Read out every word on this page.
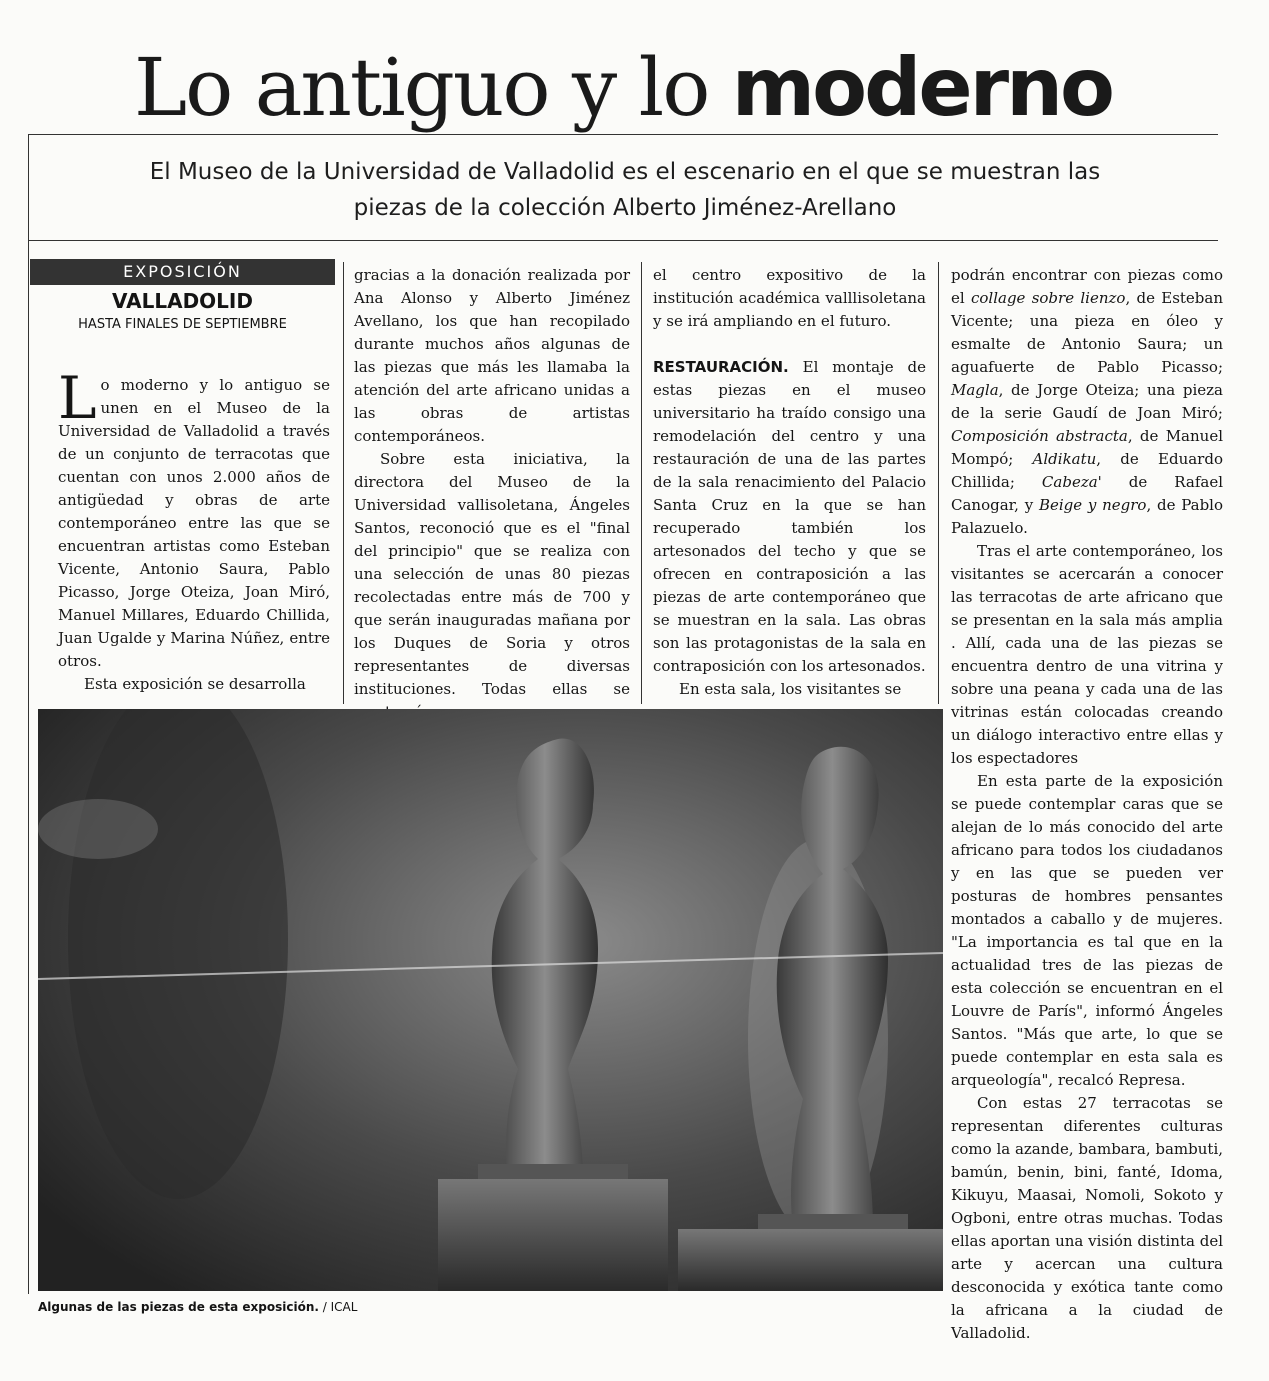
Lo antiguo y lo moderno
El Museo de la Universidad de Valladolid es el escenario en el que se muestran las
piezas de la colección Alberto Jiménez-Arellano
EXPOSICIÓN
VALLADOLID
HASTA FINALES DE SEPTIEMBRE

Lo moderno y lo antiguo se unen en el Museo de la Universidad de Valladolid a través de un conjunto de terracotas que cuentan con unos 2.000 años de antigüedad y obras de arte contemporáneo entre las que se encuentran artistas como Esteban Vicente, Antonio Saura, Pablo Picasso, Jorge Oteiza, Joan Miró, Manuel Millares, Eduardo Chillida, Juan Ugalde y Marina Núñez, entre otros.

Esta exposición se desarrolla

gracias a la donación realizada por Ana Alonso y Alberto Jiménez Avellano, los que han recopilado durante muchos años algunas de las piezas que más les llamaba la atención del arte africano unidas a las obras de artistas contemporáneos.

Sobre esta iniciativa, la directora del Museo de la Universidad vallisoletana, Ángeles Santos, reconoció que es el "final del principio" que se realiza con una selección de unas 80 piezas recolectadas entre más de 700 y que serán inauguradas mañana por los Duques de Soria y otros representantes de diversas instituciones. Todas ellas se

el centro expositivo de la institución académica valllisoletana y se irá ampliando en el futuro.

RESTAURACIÓN. El montaje de estas piezas en el museo universitario ha traído consigo una remodelación del centro y una restauración de una de las partes de la sala renacimiento del Palacio Santa Cruz en la que se han recuperado también los artesonados del techo y que se ofrecen en contraposición a las piezas de arte contemporáneo que se muestran en la sala. Las obras son las protagonistas de la sala en contraposición con los artesonados.

En esta sala, los visitantes se

podrán encontrar con piezas como el collage sobre lienzo, de Esteban Vicente; una pieza en óleo y esmalte de Antonio Saura; un aguafuerte de Pablo Picasso; Magla, de Jorge Oteiza; una pieza de la serie Gaudí de Joan Miró; Composición abstracta, de Manuel Mompó; Aldikatu, de Eduardo Chillida; Cabeza' de Rafael Canogar, y Beige y negro, de Pablo Palazuelo.

Tras el arte contemporáneo, los visitantes se acercarán a conocer las terracotas de arte africano que se presentan en la sala más amplia . Allí, cada una de las piezas se encuentra dentro de una vitrina y sobre una peana y cada una de las vitrinas están colocadas creando un diálogo interactivo entre ellas y los espectadores

En esta parte de la exposición se puede contemplar caras que se alejan de lo más conocido del arte africano para todos los ciudadanos y en las que se pueden ver posturas de hombres pensantes montados a caballo y de mujeres. "La importancia es tal que en la actualidad tres de las piezas de esta colección se encuentran en el Louvre de París", informó Ángeles Santos. "Más que arte, lo que se puede contemplar en esta sala es arqueología", recalcó Represa.

Con estas 27 terracotas se representan diferentes culturas como la azande, bambara, bambuti, bamún, benin, bini, fanté, Idoma, Kikuyu, Maasai, Nomoli, Sokoto y Ogboni, entre otras muchas. Todas ellas aportan una visión distinta del arte y acercan una cultura desconocida y exótica tante como la africana a la ciudad de Valladolid.

Algunas de las piezas de esta exposición. / ICAL
